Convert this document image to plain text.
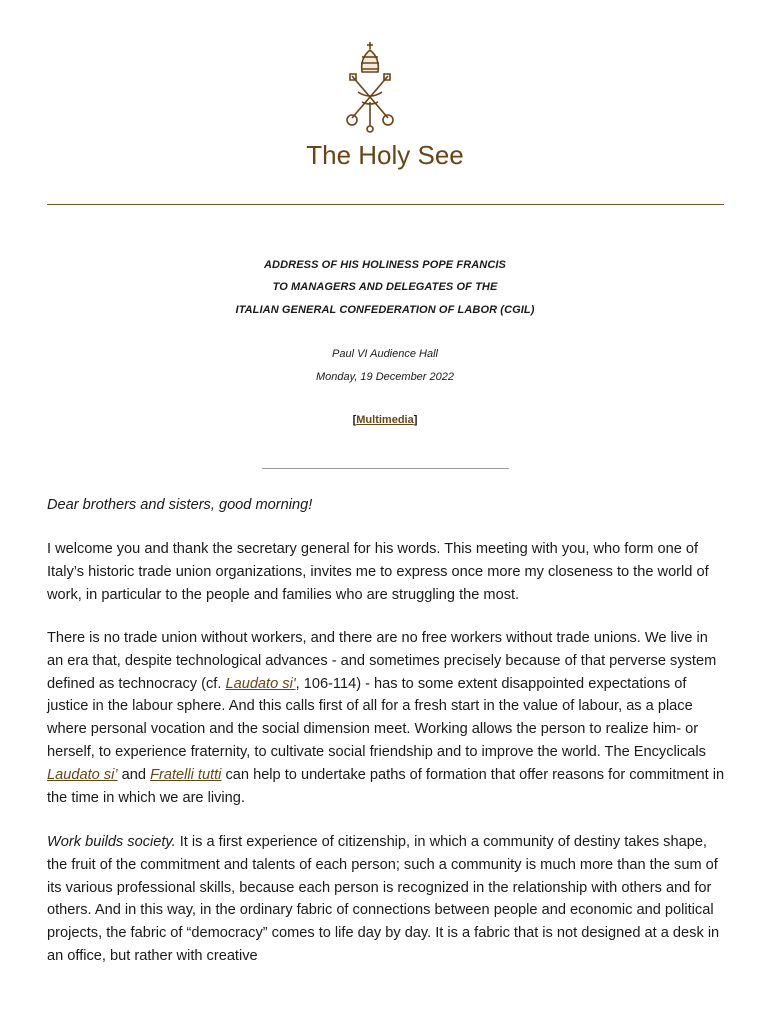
The Holy See
ADDRESS OF HIS HOLINESS POPE FRANCIS
TO MANAGERS AND DELEGATES OF THE
ITALIAN GENERAL CONFEDERATION OF LABOR (CGIL)
Paul VI Audience Hall
Monday, 19 December 2022
[Multimedia]
Dear brothers and sisters, good morning!

I welcome you and thank the secretary general for his words. This meeting with you, who form one of Italy’s historic trade union organizations, invites me to express once more my closeness to the world of work, in particular to the people and families who are struggling the most.

There is no trade union without workers, and there are no free workers without trade unions. We live in an era that, despite technological advances - and sometimes precisely because of that perverse system defined as technocracy (cf. Laudato si', 106-114) - has to some extent disappointed expectations of justice in the labour sphere. And this calls first of all for a fresh start in the value of labour, as a place where personal vocation and the social dimension meet. Working allows the person to realize him- or herself, to experience fraternity, to cultivate social friendship and to improve the world. The Encyclicals Laudato si’ and Fratelli tutti can help to undertake paths of formation that offer reasons for commitment in the time in which we are living.

Work builds society. It is a first experience of citizenship, in which a community of destiny takes shape, the fruit of the commitment and talents of each person; such a community is much more than the sum of its various professional skills, because each person is recognized in the relationship with others and for others. And in this way, in the ordinary fabric of connections between people and economic and political projects, the fabric of “democracy” comes to life day by day. It is a fabric that is not designed at a desk in an office, but rather with creative
